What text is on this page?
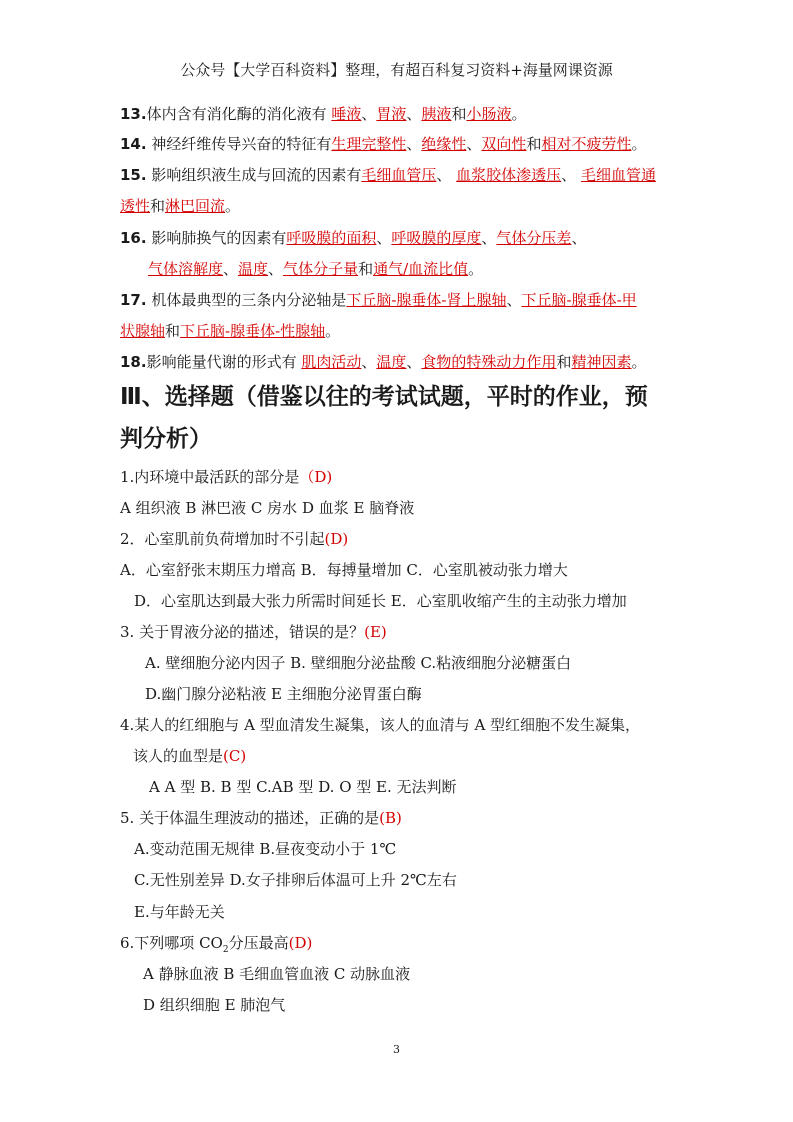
公众号【大学百科资料】整理，有超百科复习资料+海量网课资源
13.体内含有消化酶的消化液有 唾液、胃液、胰液和小肠液。
14. 神经纤维传导兴奋的特征有生理完整性、绝缘性、双向性和相对不疲劳性。
15. 影响组织液生成与回流的因素有毛细血管压、 血浆胶体渗透压、 毛细血管通
透性和淋巴回流。
16. 影响肺换气的因素有呼吸膜的面积、呼吸膜的厚度、气体分压差、
气体溶解度、温度、气体分子量和通气/血流比值。
17. 机体最典型的三条内分泌轴是下丘脑-腺垂体-肾上腺轴、下丘脑-腺垂体-甲
状腺轴和下丘脑-腺垂体-性腺轴。
18.影响能量代谢的形式有 肌肉活动、温度、食物的特殊动力作用和精神因素。
Ⅲ、选择题（借鉴以往的考试试题，平时的作业，预
判分析）
1.内环境中最活跃的部分是（D)
A 组织液 B 淋巴液 C 房水 D 血浆 E 脑脊液
2．心室肌前负荷增加时不引起(D)
A．心室舒张末期压力增高 B．每搏量增加 C．心室肌被动张力增大
D．心室肌达到最大张力所需时间延长 E．心室肌收缩产生的主动张力增加
3. 关于胃液分泌的描述，错误的是？(E)
A. 壁细胞分泌内因子 B. 壁细胞分泌盐酸 C.粘液细胞分泌糖蛋白
D.幽门腺分泌粘液 E 主细胞分泌胃蛋白酶
4.某人的红细胞与 A 型血清发生凝集，该人的血清与 A 型红细胞不发生凝集，
该人的血型是(C)
A A 型 B. B 型 C.AB 型 D. O 型 E. 无法判断
5. 关于体温生理波动的描述，正确的是(B)
A.变动范围无规律 B.昼夜变动小于 1℃
C.无性别差异 D.女子排卵后体温可上升 2℃左右
E.与年龄无关
6.下列哪项 $CO_2$分压最高(D)
A 静脉血液 B 毛细血管血液 C 动脉血液
D 组织细胞 E 肺泡气
3
